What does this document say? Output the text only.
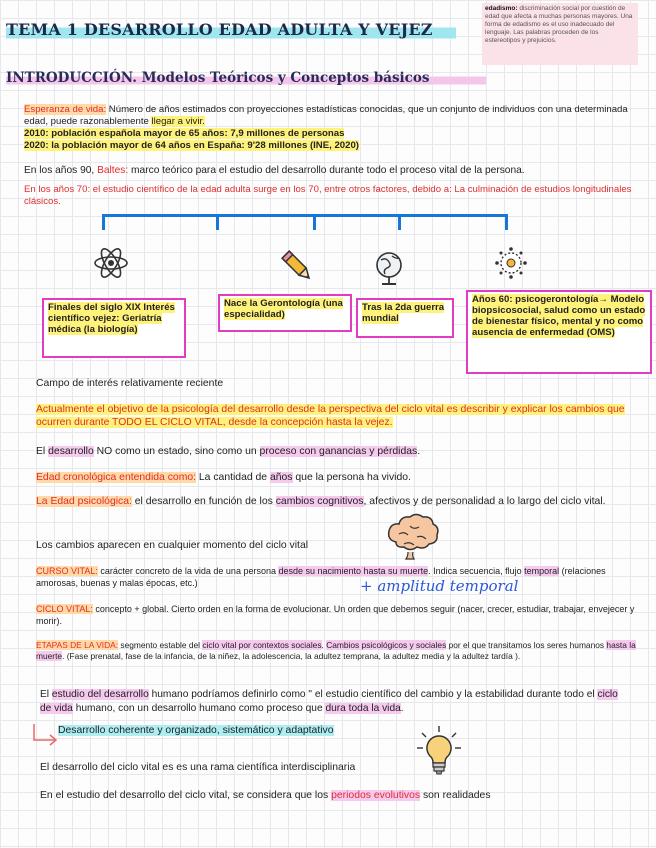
TEMA 1 DESARROLLO EDAD ADULTA Y VEJEZ
edadismo: discriminación social por cuestión de edad que afecta a muchas personas mayores. Una forma de edadismo es el uso inadecuado del lenguaje. Las palabras proceden de los estereotipos y prejuicios.
INTRODUCCIÓN. Modelos Teóricos y Conceptos básicos
Esperanza de vida: Número de años estimados con proyecciones estadísticas conocidas, que un conjunto de individuos con una determinada edad, puede razonablemente llegar a vivir.
2010: población española mayor de 65 años: 7,9 millones de personas
2020: la población mayor de 64 años en España: 9'28 millones (INE, 2020)
En los años 90, Baltes: marco teórico para el estudio del desarrollo durante todo el proceso vital de la persona.
En los años 70: el estudio científico de la edad adulta surge en los 70, entre otros factores, debido a: La culminación de estudios longitudinales clásicos.
Finales del siglo XIX Interés científico vejez: Geriatría médica (la biología)
Nace la Gerontología (una especialidad)
Tras la 2da guerra mundial
Años 60: psicogerontología→ Modelo biopsicosocial, salud como un estado de bienestar físico, mental y no como ausencia de enfermedad (OMS)
Campo de interés relativamente reciente
Actualmente el objetivo de la psicología del desarrollo desde la perspectiva del ciclo vital es describir y explicar los cambios que ocurren durante TODO EL CICLO VITAL, desde la concepción hasta la vejez.
El desarrollo NO como un estado, sino como un proceso con ganancias y pérdidas.
Edad cronológica entendida como: La cantidad de años que la persona ha vivido.
La Edad psicológica: el desarrollo en función de los cambios cognitivos, afectivos y de personalidad a lo largo del ciclo vital.
Los cambios aparecen en cualquier momento del ciclo vital
CURSO VITAL: carácter concreto de la vida de una persona desde su nacimiento hasta su muerte. Indica secuencia, flujo temporal (relaciones amorosas, buenas y malas épocas, etc.)	+ amplitud temporal
CICLO VITAL: concepto + global. Cierto orden en la forma de evolucionar. Un orden que debemos seguir (nacer, crecer, estudiar, trabajar, envejecer y morir).
ETAPAS DE LA VIDA: segmento estable del ciclo vital por contextos sociales. Cambios psicológicos y sociales por el que transitamos los seres humanos hasta la muerte. (Fase prenatal, fase de la infancia, de la niñez, la adolescencia, la adultez temprana, la adultez media y la adultez tardía ).
El estudio del desarrollo humano podríamos definirlo como " el estudio científico del cambio y la estabilidad durante todo el ciclo de vida humano, con un desarrollo humano como proceso que dura toda la vida.
Desarrollo coherente y organizado, sistemático y adaptativo
El desarrollo del ciclo vital es es una rama científica interdisciplinaria
En el estudio del desarrollo del ciclo vital, se considera que los periodos evolutivos son realidades
